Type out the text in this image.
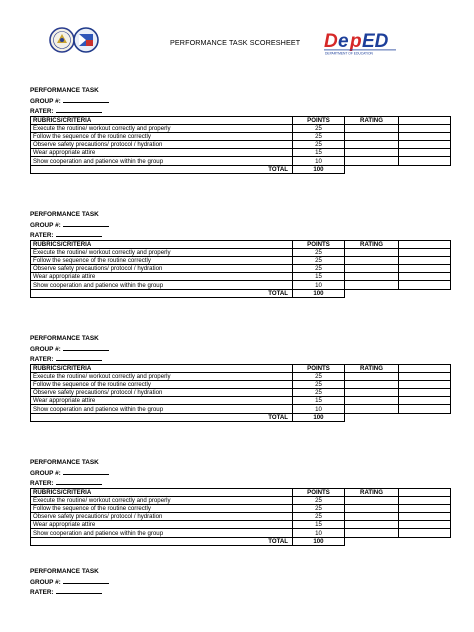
PERFORMANCE TASK SCORESHEET D e p ED
DEPARTMENT OF EDUCATION
PERFORMANCE TASK
GROUP #:
RATER:
RUBRICS/CRITERIA	POINTS	RATING	
Execute the routine/ workout correctly and properly	25		
Follow the sequence of the routine correctly	25		
Observe safety precautions/ protocol / hydration	25		
Wear appropriate attire	15		
Show cooperation and patience within the group	10		
TOTAL	100		
PERFORMANCE TASK
GROUP #:
RATER:
RUBRICS/CRITERIA	POINTS	RATING	
Execute the routine/ workout correctly and properly	25		
Follow the sequence of the routine correctly	25		
Observe safety precautions/ protocol / hydration	25		
Wear appropriate attire	15		
Show cooperation and patience within the group	10		
TOTAL	100		
PERFORMANCE TASK
GROUP #:
RATER:
RUBRICS/CRITERIA	POINTS	RATING	
Execute the routine/ workout correctly and properly	25		
Follow the sequence of the routine correctly	25		
Observe safety precautions/ protocol / hydration	25		
Wear appropriate attire	15		
Show cooperation and patience within the group	10		
TOTAL	100		
PERFORMANCE TASK
GROUP #:
RATER:
RUBRICS/CRITERIA	POINTS	RATING	
Execute the routine/ workout correctly and properly	25		
Follow the sequence of the routine correctly	25		
Observe safety precautions/ protocol / hydration	25		
Wear appropriate attire	15		
Show cooperation and patience within the group	10		
TOTAL	100		
PERFORMANCE TASK
GROUP #:
RATER:
